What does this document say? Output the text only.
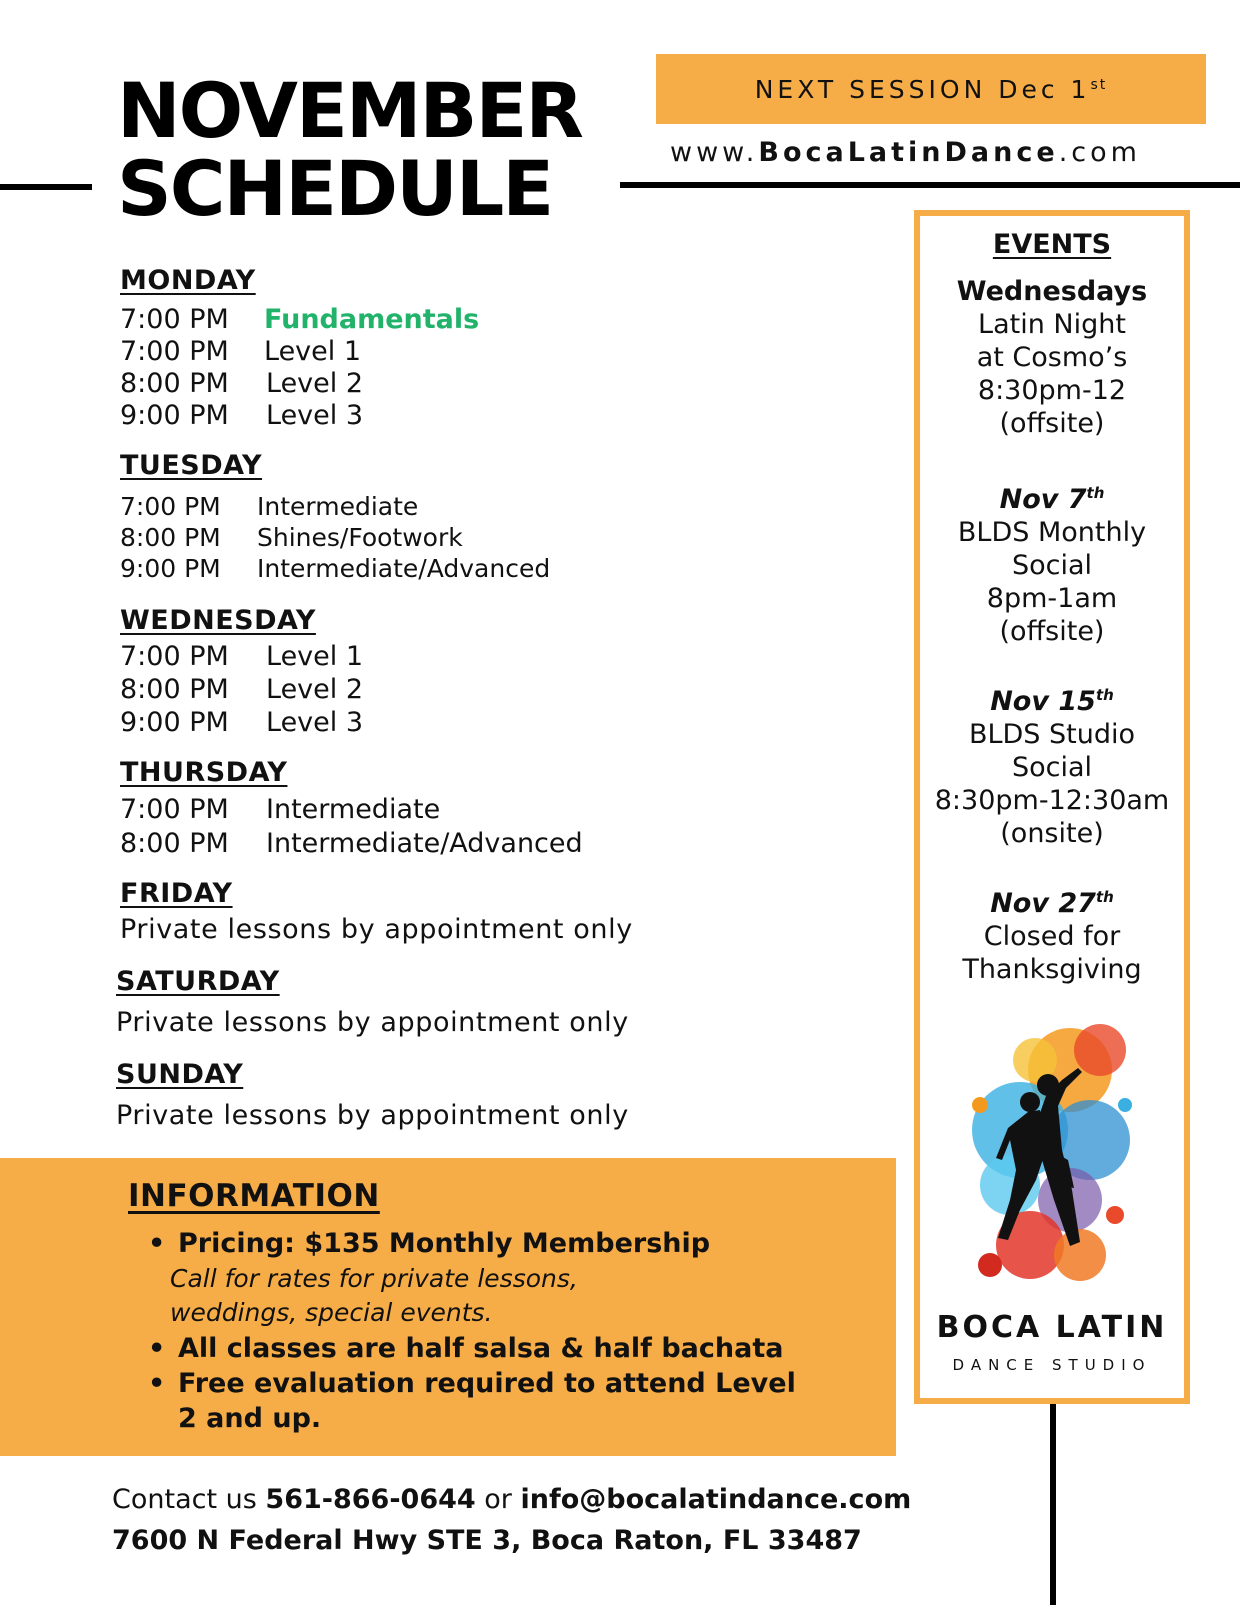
NOVEMBER
SCHEDULE
NEXT SESSION Dec 1st
www.BocaLatinDance.com
MONDAY
7:00 PM	Fundamentals
7:00 PM	Level 1
8:00 PM	Level 2
9:00 PM	Level 3
TUESDAY
7:00 PM	Intermediate
8:00 PM	Shines/Footwork
9:00 PM	Intermediate/Advanced
WEDNESDAY
7:00 PM	Level 1
8:00 PM	Level 2
9:00 PM	Level 3
THURSDAY
7:00 PM	Intermediate
8:00 PM	Intermediate/Advanced
FRIDAY
Private lessons by appointment only
SATURDAY
Private lessons by appointment only
SUNDAY
Private lessons by appointment only
EVENTS
Wednesdays
Latin Night
at Cosmo’s
8:30pm-12
(offsite)
Nov 7th
BLDS Monthly
Social
8pm-1am
(offsite)
Nov 15th
BLDS Studio
Social
8:30pm-12:30am
(onsite)
Nov 27th
Closed for
Thanksgiving
BOCA LATIN
DANCE STUDIO
INFORMATION
• Pricing: $135 Monthly Membership
Call for rates for private lessons,
weddings, special events.
• All classes are half salsa & half bachata
• Free evaluation required to attend Level
2 and up.
Contact us 561-866-0644 or info@bocalatindance.com
7600 N Federal Hwy STE 3, Boca Raton, FL 33487
